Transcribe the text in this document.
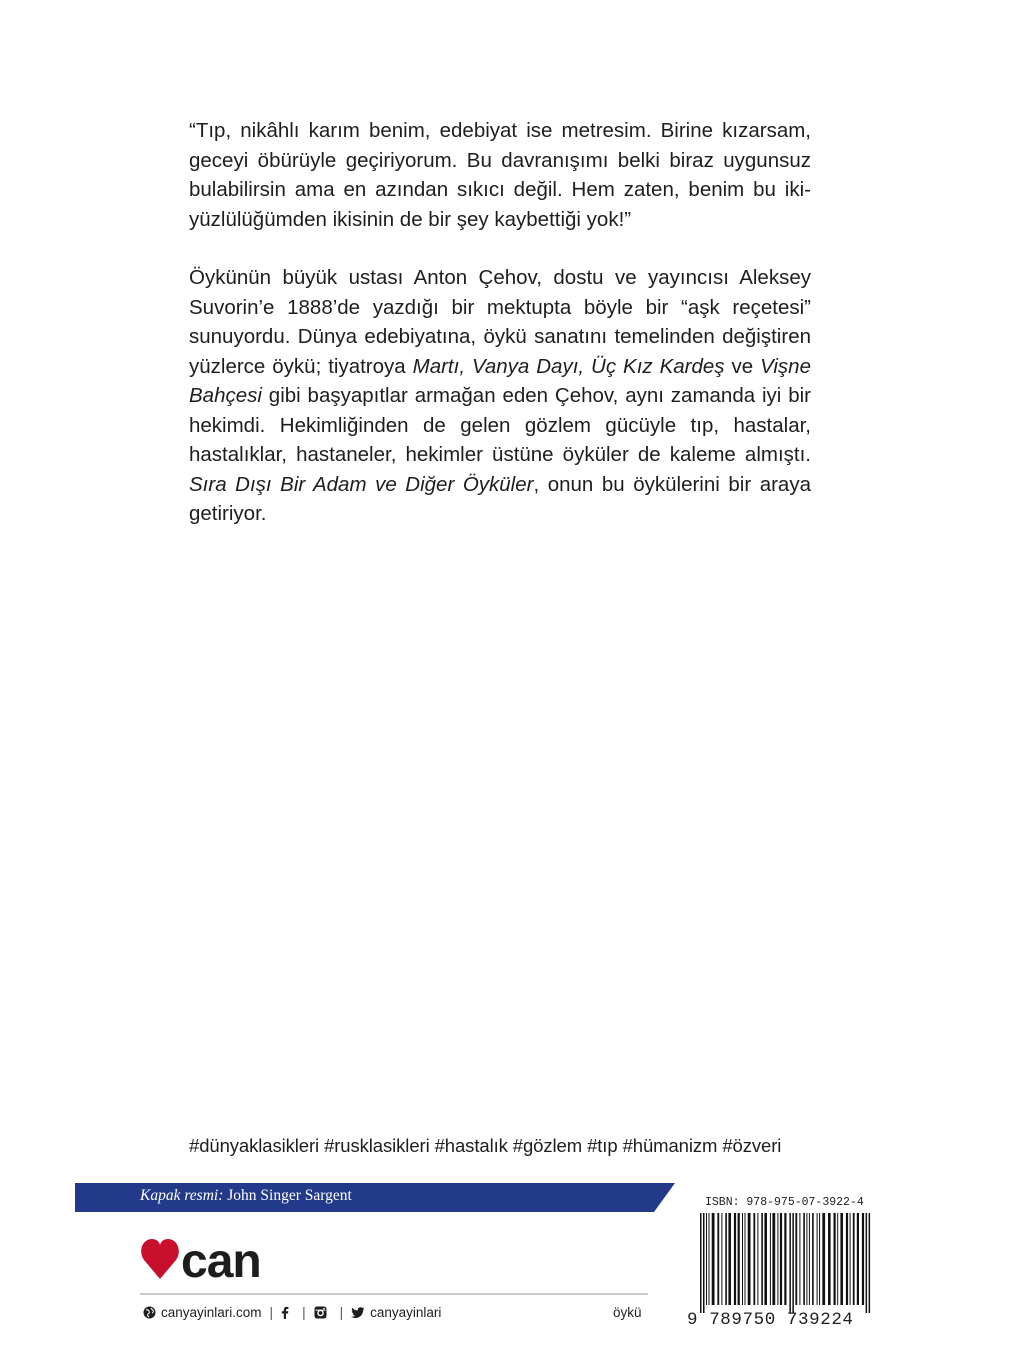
“Tıp, nikâhlı karım benim, edebiyat ise metresim. Birine kızarsam, geceyi öbürüyle geçiriyorum. Bu davranışımı belki biraz uygunsuz bulabilirsin ama en azından sıkıcı değil. Hem zaten, benim bu iki-yüzlülüğümden ikisinin de bir şey kaybettiği yok!”

Öykünün büyük ustası Anton Çehov, dostu ve yayıncısı Aleksey Suvorin’e 1888’de yazdığı bir mektupta böyle bir “aşk reçetesi” sunuyordu. Dünya edebiyatına, öykü sanatını temelinden değiştiren yüzlerce öykü; tiyatroya Martı, Vanya Dayı, Üç Kız Kardeş ve Vişne Bahçesi gibi başyapıtlar armağan eden Çehov, aynı zamanda iyi bir hekimdi. Hekimliğinden de gelen gözlem gücüyle tıp, hastalar, hastalıklar, hastaneler, hekimler üstüne öyküler de kaleme almıştı. Sıra Dışı Bir Adam ve Diğer Öyküler, onun bu öykülerini bir araya getiriyor.

#dünyaklasikleri #rusklasikleri #hastalık #gözlem #tıp #hümanizm #özveri
Kapak resmi: John Singer Sargent
can
canyayinlari.com | |	| canyayinlari	öykü
ISBN: 978-975-07-3922-4
9 789750 739224
